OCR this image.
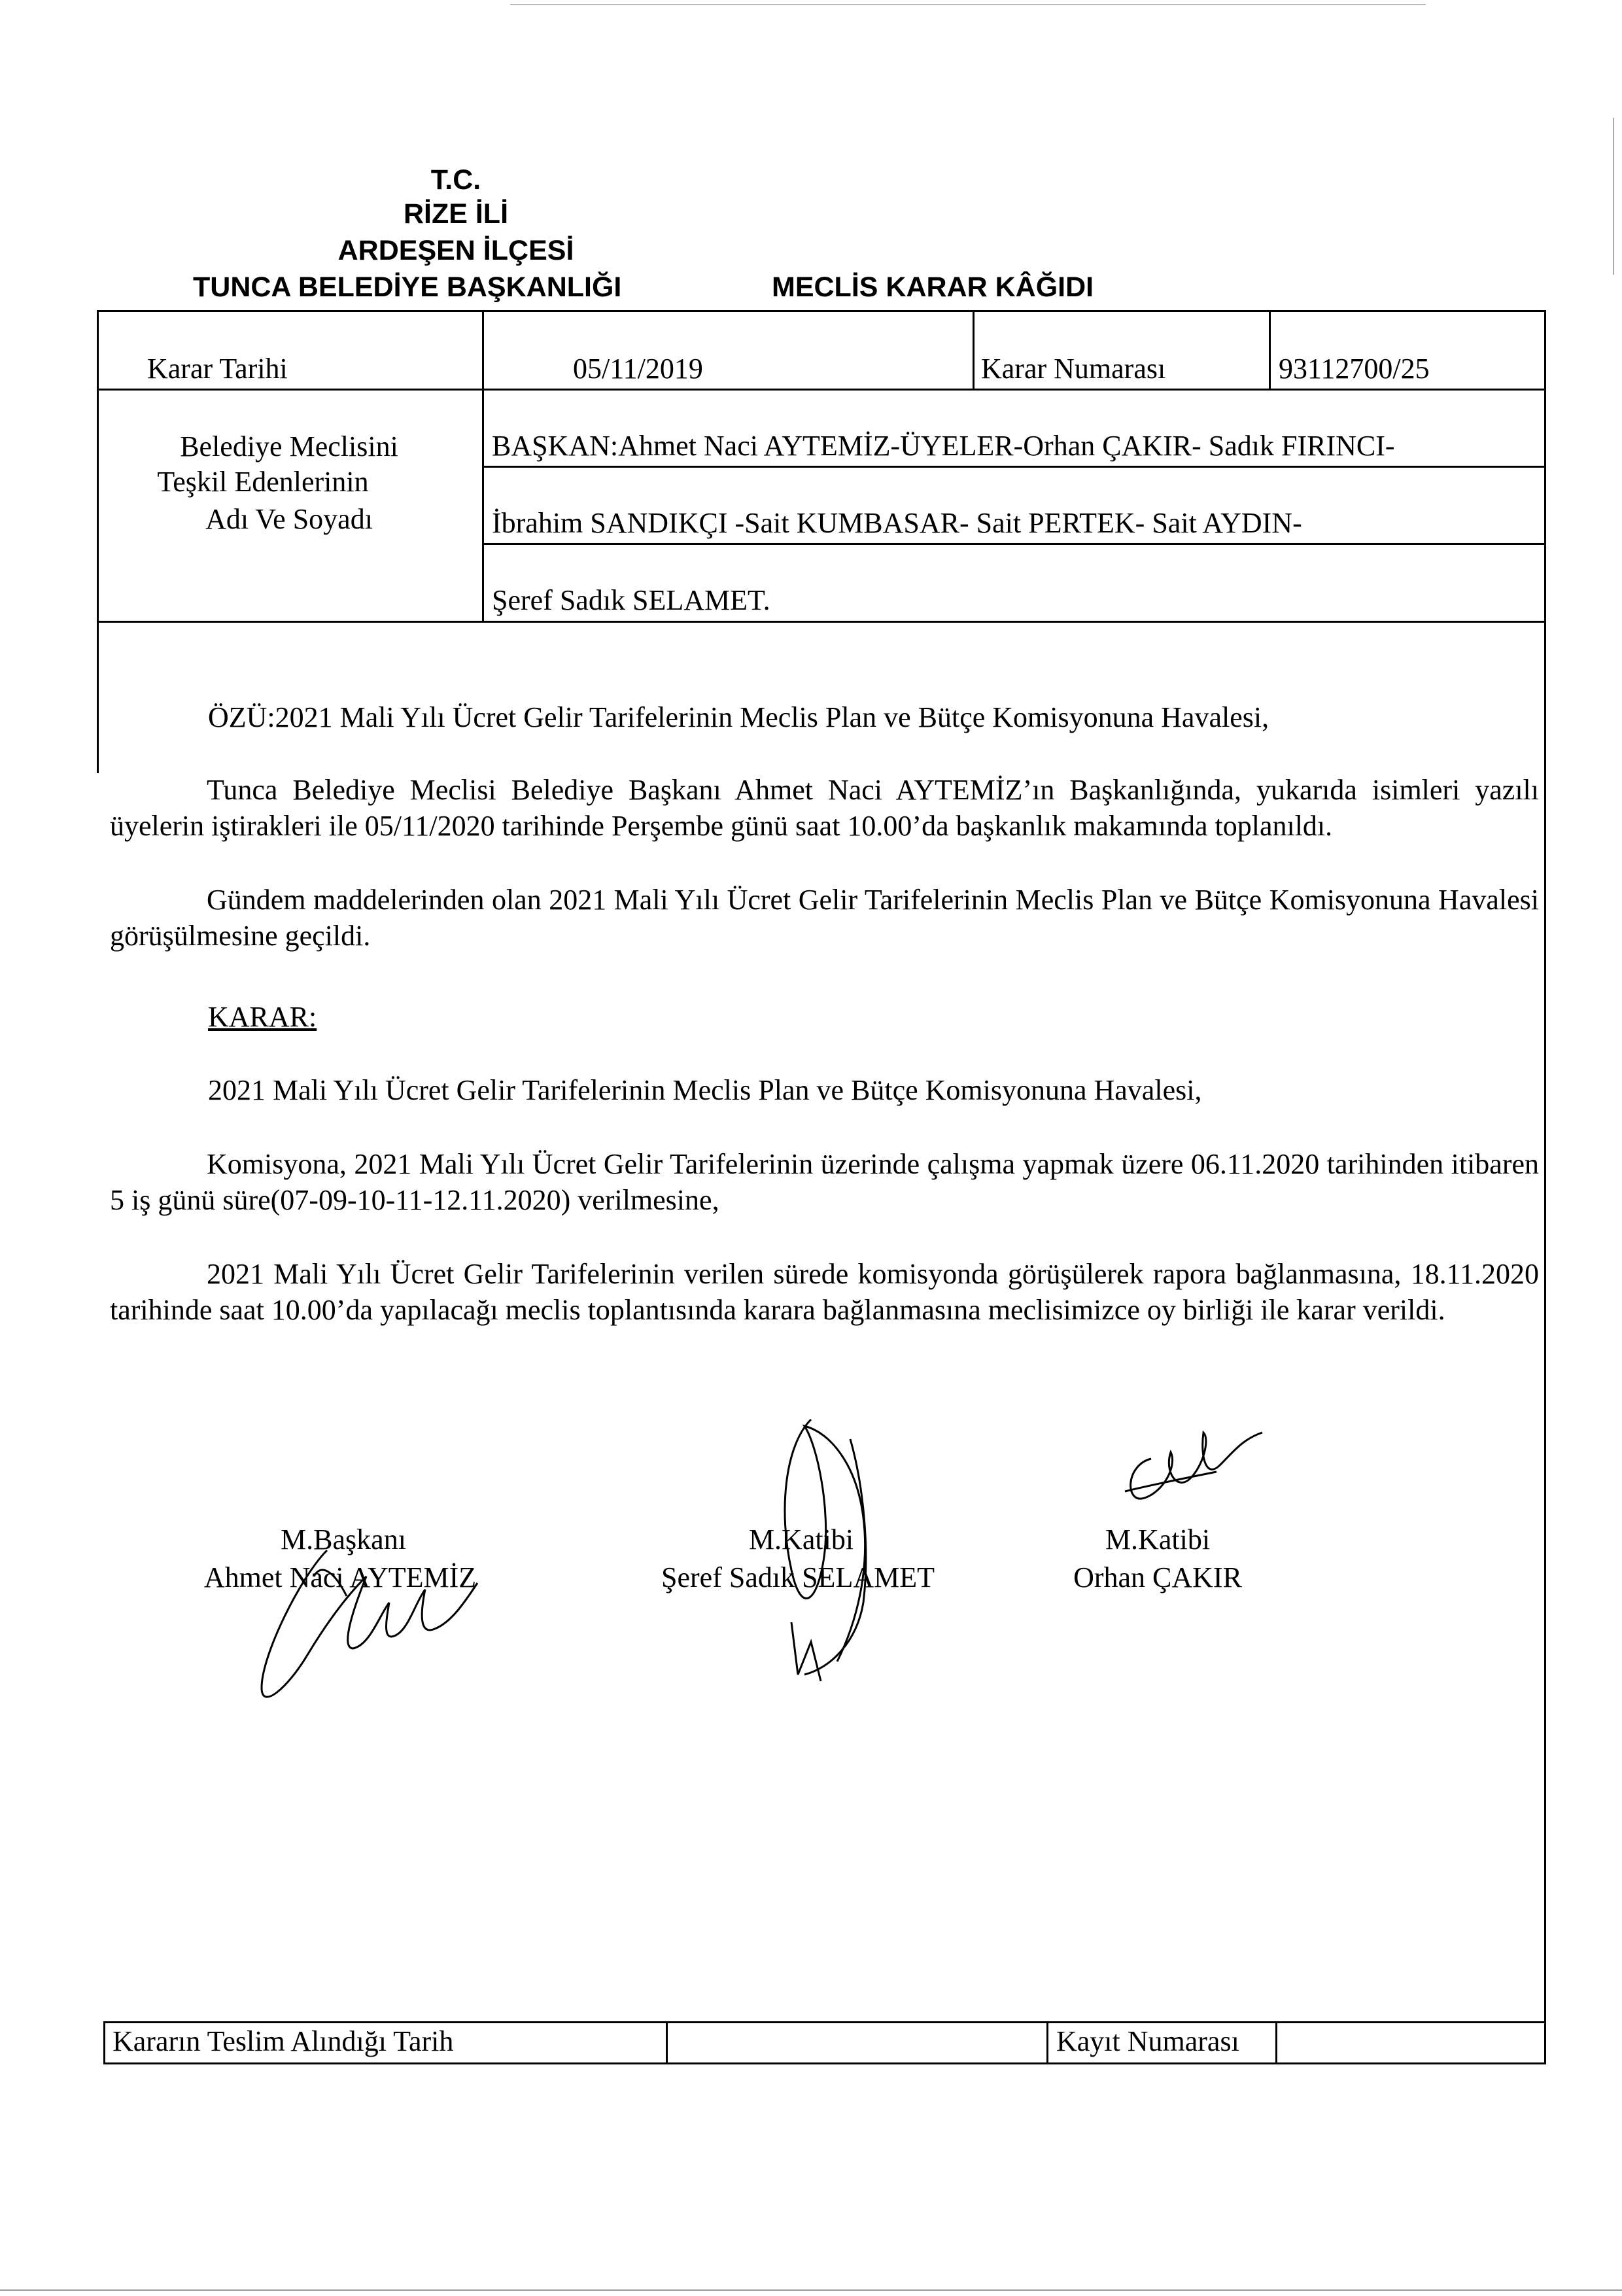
T.C.
RİZE İLİ
ARDEŞEN İLÇESİ
TUNCA BELEDİYE BAŞKANLIĞI	MECLİS KARAR KÂĞIDI
Karar Tarihi	05/11/2019	Karar Numarası	93112700/25
Belediye Meclisini
Teşkil Edenlerinin
Adı Ve Soyadı
BAŞKAN:Ahmet Naci AYTEMİZ-ÜYELER-Orhan ÇAKIR- Sadık FIRINCI-
İbrahim SANDIKÇI -Sait KUMBASAR- Sait PERTEK- Sait AYDIN-
Şeref Sadık SELAMET.
ÖZÜ:2021 Mali Yılı Ücret Gelir Tarifelerinin Meclis Plan ve Bütçe Komisyonuna Havalesi,
Tunca Belediye Meclisi Belediye Başkanı Ahmet Naci AYTEMİZ’ın Başkanlığında, yukarıda isimleri yazılı üyelerin iştirakleri ile 05/11/2020 tarihinde Perşembe günü saat 10.00’da başkanlık makamında toplanıldı.
Gündem maddelerinden olan 2021 Mali Yılı Ücret Gelir Tarifelerinin Meclis Plan ve Bütçe Komisyonuna Havalesi görüşülmesine geçildi.
KARAR:
2021 Mali Yılı Ücret Gelir Tarifelerinin Meclis Plan ve Bütçe Komisyonuna Havalesi,
Komisyona, 2021 Mali Yılı Ücret Gelir Tarifelerinin üzerinde çalışma yapmak üzere 06.11.2020 tarihinden itibaren 5 iş günü süre(07-09-10-11-12.11.2020) verilmesine,
2021 Mali Yılı Ücret Gelir Tarifelerinin verilen sürede komisyonda görüşülerek rapora bağlanmasına, 18.11.2020 tarihinde saat 10.00’da yapılacağı meclis toplantısında karara bağlanmasına meclisimizce oy birliği ile karar verildi.
M.Başkanı
Ahmet Naci AYTEMİZ
M.Katibi
Şeref Sadık SELAMET
M.Katibi
Orhan ÇAKIR
Kararın Teslim Alındığı Tarih	Kayıt Numarası
